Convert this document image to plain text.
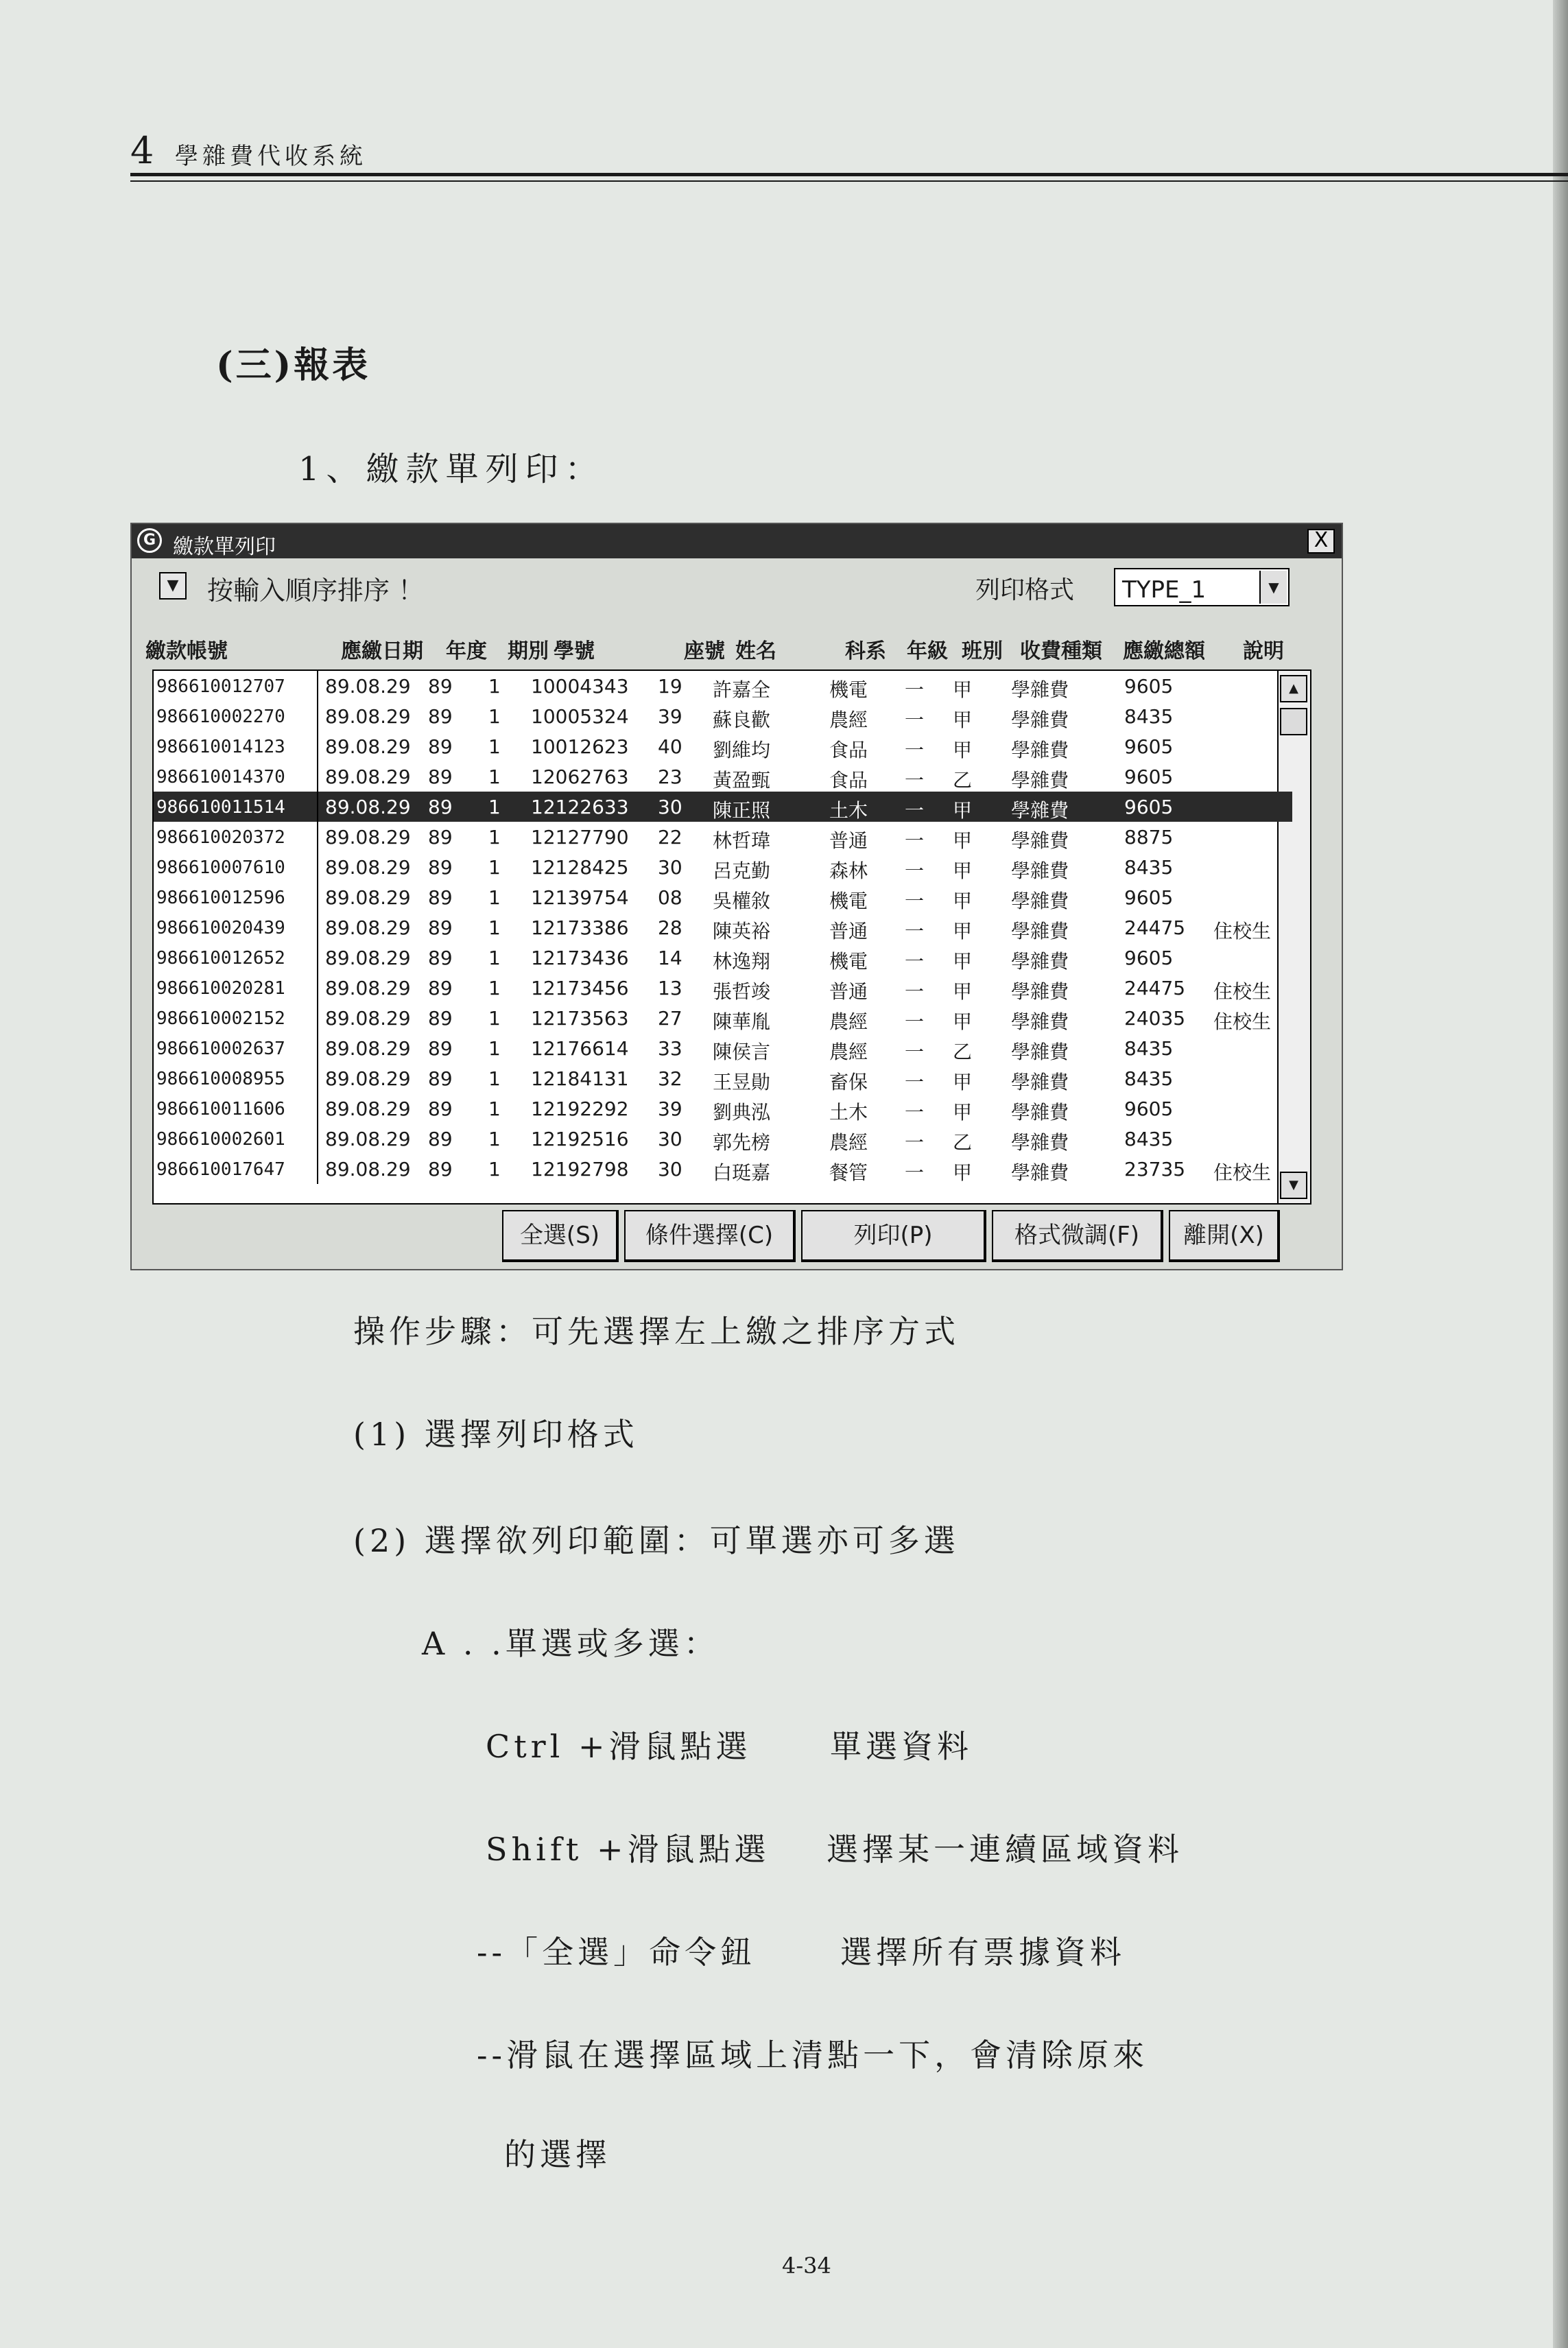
4 學雜費代收系統
(三)報表
1、繳款單列印：
G 繳款單列印	X
▼	按輸入順序排序 ！	列印格式 TYPE_1	▼
繳款帳號	應繳日期 年度 期別 學號	座號 姓名	科系 年級 班別 收費種類 應繳總額 說明
▲
▼
986610012707	89.08.29 89 1 10004343 19 許嘉全	機電 一 甲 學雜費	9605
986610002270	89.08.29 89 1 10005324 39 蘇良歡	農經 一 甲 學雜費	8435
986610014123	89.08.29 89 1 10012623 40 劉維均	食品 一 甲 學雜費	9605
986610014370	89.08.29 89 1 12062763 23 黃盈甄	食品 一 乙 學雜費	9605
986610011514	89.08.29 89 1 12122633 30 陳正照	土木 一 甲 學雜費	9605
986610020372	89.08.29 89 1 12127790 22 林哲瑋	普通 一 甲 學雜費	8875
986610007610	89.08.29 89 1 12128425 30 呂克勤	森林 一 甲 學雜費	8435
986610012596	89.08.29 89 1 12139754 08 吳權敘	機電 一 甲 學雜費	9605
986610020439	89.08.29 89 1 12173386 28 陳英裕	普通 一 甲 學雜費	24475 住校生
986610012652	89.08.29 89 1 12173436 14 林逸翔	機電 一 甲 學雜費	9605
986610020281	89.08.29 89 1 12173456 13 張哲竣	普通 一 甲 學雜費	24475 住校生
986610002152	89.08.29 89 1 12173563 27 陳華胤	農經 一 甲 學雜費	24035 住校生
986610002637	89.08.29 89 1 12176614 33 陳侯言	農經 一 乙 學雜費	8435
986610008955	89.08.29 89 1 12184131 32 王昱勛	畜保 一 甲 學雜費	8435
986610011606	89.08.29 89 1 12192292 39 劉典泓	土木 一 甲 學雜費	9605
986610002601	89.08.29 89 1 12192516 30 郭先榜	農經 一 乙 學雜費	8435
986610017647	89.08.29 89 1 12192798 30 白珽嘉	餐管 一 甲 學雜費	23735 住校生
全選(S)	條件選擇(C)	列印(P)	格式微調(F)	離開(X)
操作步驟：可先選擇左上繳之排序方式
(1) 選擇列印格式
(2) 選擇欲列印範圍：可單選亦可多選
A . .單選或多選：
Ctrl +滑鼠點選 單選資料
Shift +滑鼠點選 選擇某一連續區域資料
--「全選」命令鈕	選擇所有票據資料
--滑鼠在選擇區域上清點一下，會清除原來
的選擇
4-34
